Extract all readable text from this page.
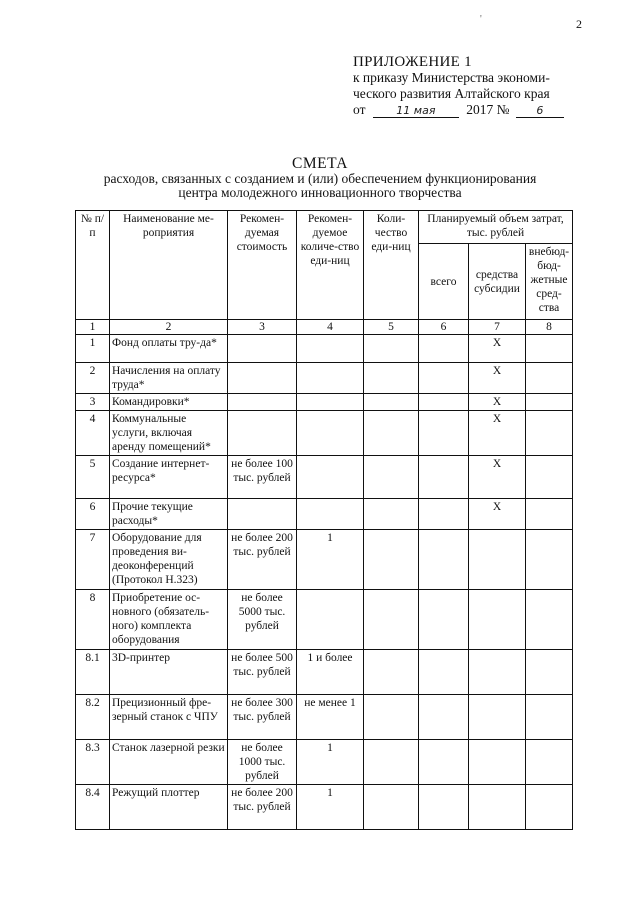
2
'
ПРИЛОЖЕНИЕ 1
к приказу Министерства экономи-
ческого развития Алтайского края
от	11 мая 2017 № 6
СМЕТА
расходов, связанных с созданием и (или) обеспечением функционирования
центра молодежного инновационного творчества
№ п/п	Наименование ме-роприятия	Рекомен-дуемая стоимость	Рекомен-дуемое количе-ство еди-ниц	Коли-чество еди-ниц	Планируемый объем затрат, тыс. рублей		
					всего	средства субсидии	внебюд-бюд-жетные сред-ства
1	2	3	4	5	6	7	8
1	Фонд оплаты тру-да*					Х	
2	Начисления на оплату труда*					Х	
3	Командировки*					Х	
4	Коммунальные услуги, включая аренду помещений*					Х	
5	Создание интернет-ресурса*	не более 100 тыс. рублей				Х	
6	Прочие текущие расходы*					Х	
7	Оборудование для проведения ви-деоконференций (Протокол Н.323)	не более 200 тыс. рублей	1				
8	Приобретение ос-новного (обязатель-ного) комплекта оборудования	не более 5000 тыс. рублей					
8.1	3D-принтер	не более 500 тыс. рублей	1 и более				
8.2	Прецизионный фре-зерный станок с ЧПУ	не более 300 тыс. рублей	не менее 1				
8.3	Станок лазерной резки	не более 1000 тыс. рублей	1				
8.4	Режущий плоттер	не более 200 тыс. рублей	1				
